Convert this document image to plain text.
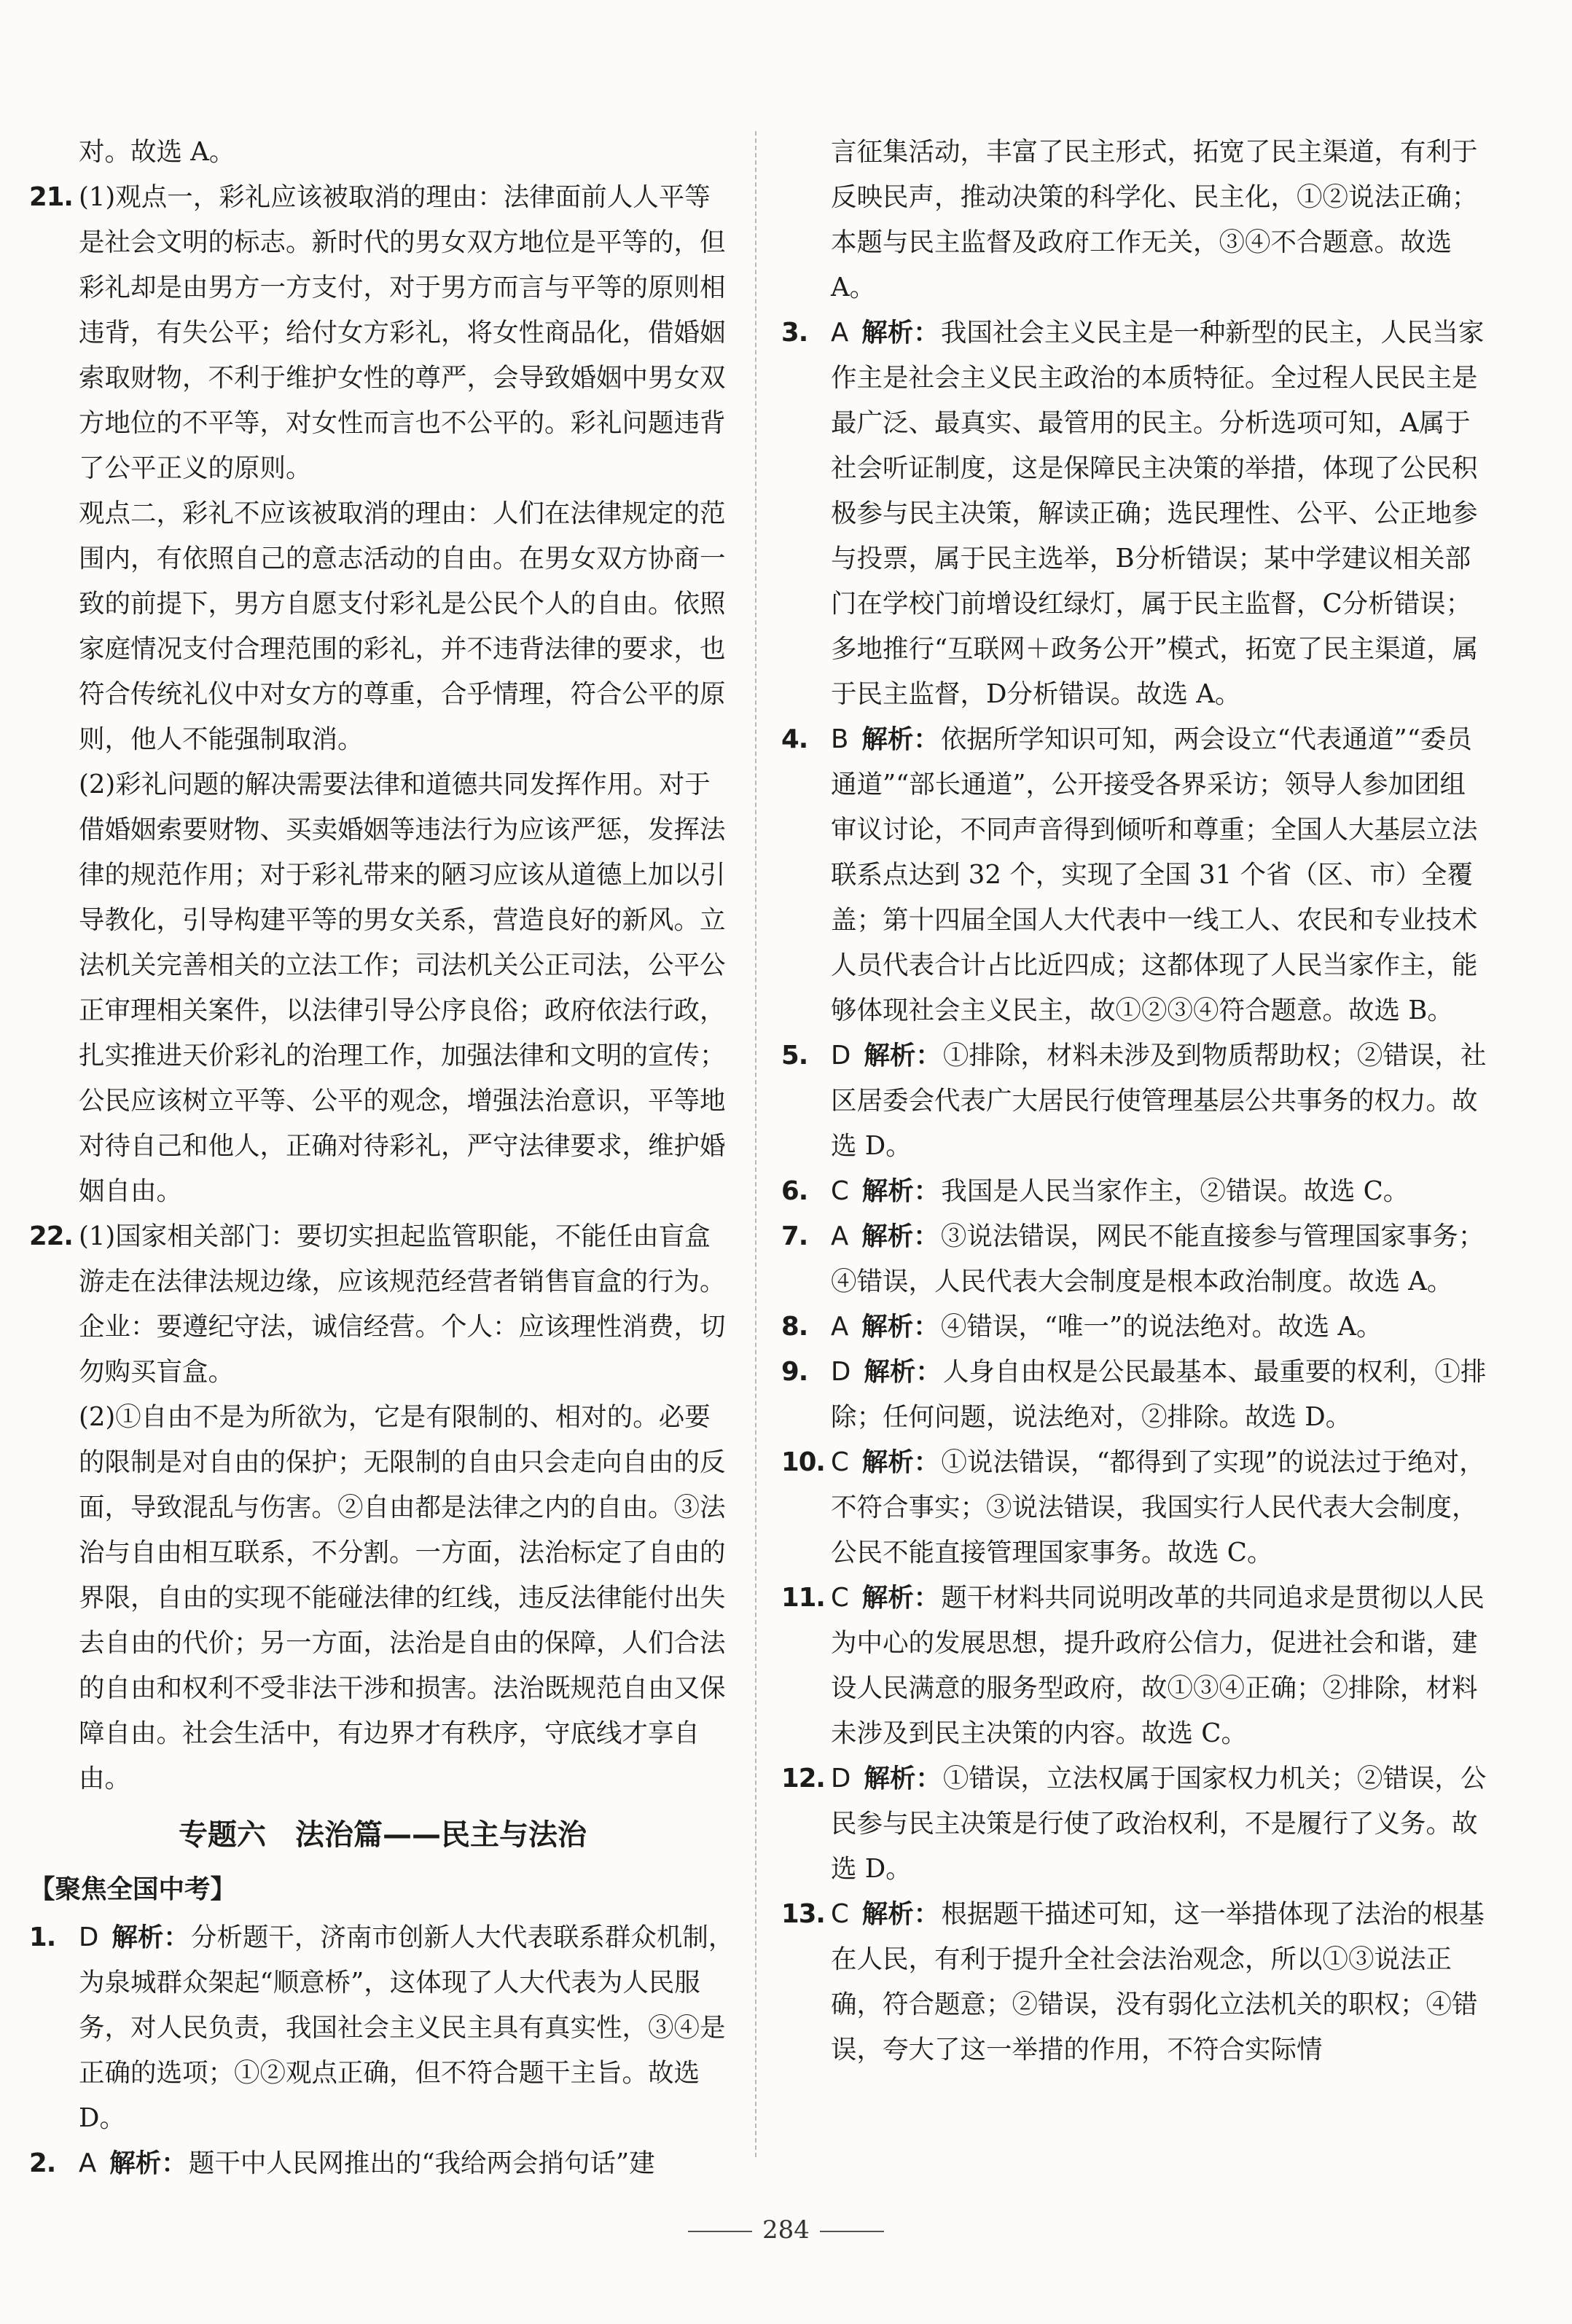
对。故选 A。

21. (1)观点一，彩礼应该被取消的理由：法律面前人人平等是社会文明的标志。新时代的男女双方地位是平等的，但彩礼却是由男方一方支付，对于男方而言与平等的原则相违背，有失公平；给付女方彩礼，将女性商品化，借婚姻索取财物，不利于维护女性的尊严，会导致婚姻中男女双方地位的不平等，对女性而言也不公平的。彩礼问题违背了公平正义的原则。

观点二，彩礼不应该被取消的理由：人们在法律规定的范围内，有依照自己的意志活动的自由。在男女双方协商一致的前提下，男方自愿支付彩礼是公民个人的自由。依照家庭情况支付合理范围的彩礼，并不违背法律的要求，也符合传统礼仪中对女方的尊重，合乎情理，符合公平的原则，他人不能强制取消。

(2)彩礼问题的解决需要法律和道德共同发挥作用。对于借婚姻索要财物、买卖婚姻等违法行为应该严惩，发挥法律的规范作用；对于彩礼带来的陋习应该从道德上加以引导教化，引导构建平等的男女关系，营造良好的新风。立法机关完善相关的立法工作；司法机关公正司法，公平公正审理相关案件，以法律引导公序良俗；政府依法行政，扎实推进天价彩礼的治理工作，加强法律和文明的宣传；公民应该树立平等、公平的观念，增强法治意识，平等地对待自己和他人，正确对待彩礼，严守法律要求，维护婚姻自由。

22. (1)国家相关部门：要切实担起监管职能，不能任由盲盒游走在法律法规边缘，应该规范经营者销售盲盒的行为。企业：要遵纪守法，诚信经营。个人：应该理性消费，切勿购买盲盒。

(2)①自由不是为所欲为，它是有限制的、相对的。必要的限制是对自由的保护；无限制的自由只会走向自由的反面，导致混乱与伤害。②自由都是法律之内的自由。③法治与自由相互联系，不分割。一方面，法治标定了自由的界限，自由的实现不能碰法律的红线，违反法律能付出失去自由的代价；另一方面，法治是自由的保障，人们合法的自由和权利不受非法干涉和损害。法治既规范自由又保障自由。社会生活中，有边界才有秩序，守底线才享自由。

专题六　法治篇——民主与法治
【聚焦全国中考】
1. D 解析：分析题干，济南市创新人大代表联系群众机制，为泉城群众架起“顺意桥”，这体现了人大代表为人民服务，对人民负责，我国社会主义民主具有真实性，③④是正确的选项；①②观点正确，但不符合题干主旨。故选 D。
2. A 解析：题干中人民网推出的“我给两会捎句话”建

言征集活动，丰富了民主形式，拓宽了民主渠道，有利于反映民声，推动决策的科学化、民主化，①②说法正确；本题与民主监督及政府工作无关，③④不合题意。故选 A。

3. A 解析：我国社会主义民主是一种新型的民主，人民当家作主是社会主义民主政治的本质特征。全过程人民民主是最广泛、最真实、最管用的民主。分析选项可知，A属于社会听证制度，这是保障民主决策的举措，体现了公民积极参与民主决策，解读正确；选民理性、公平、公正地参与投票，属于民主选举，B分析错误；某中学建议相关部门在学校门前增设红绿灯，属于民主监督，C分析错误；多地推行“互联网＋政务公开”模式，拓宽了民主渠道，属于民主监督，D分析错误。故选 A。
4. B 解析：依据所学知识可知，两会设立“代表通道”“委员通道”“部长通道”，公开接受各界采访；领导人参加团组审议讨论，不同声音得到倾听和尊重；全国人大基层立法联系点达到 32 个，实现了全国 31 个省（区、市）全覆盖；第十四届全国人大代表中一线工人、农民和专业技术人员代表合计占比近四成；这都体现了人民当家作主，能够体现社会主义民主，故①②③④符合题意。故选 B。
5. D 解析：①排除，材料未涉及到物质帮助权；②错误，社区居委会代表广大居民行使管理基层公共事务的权力。故选 D。
6. C 解析：我国是人民当家作主，②错误。故选 C。
7. A 解析：③说法错误，网民不能直接参与管理国家事务；④错误，人民代表大会制度是根本政治制度。故选 A。
8. A 解析：④错误，“唯一”的说法绝对。故选 A。
9. D 解析：人身自由权是公民最基本、最重要的权利，①排除；任何问题，说法绝对，②排除。故选 D。
10. C 解析：①说法错误，“都得到了实现”的说法过于绝对，不符合事实；③说法错误，我国实行人民代表大会制度，公民不能直接管理国家事务。故选 C。
11. C 解析：题干材料共同说明改革的共同追求是贯彻以人民为中心的发展思想，提升政府公信力，促进社会和谐，建设人民满意的服务型政府，故①③④正确；②排除，材料未涉及到民主决策的内容。故选 C。
12. D 解析：①错误，立法权属于国家权力机关；②错误，公民参与民主决策是行使了政治权利，不是履行了义务。故选 D。
13. C 解析：根据题干描述可知，这一举措体现了法治的根基在人民，有利于提升全社会法治观念，所以①③说法正确，符合题意；②错误，没有弱化立法机关的职权；④错误，夸大了这一举措的作用，不符合实际情
284
